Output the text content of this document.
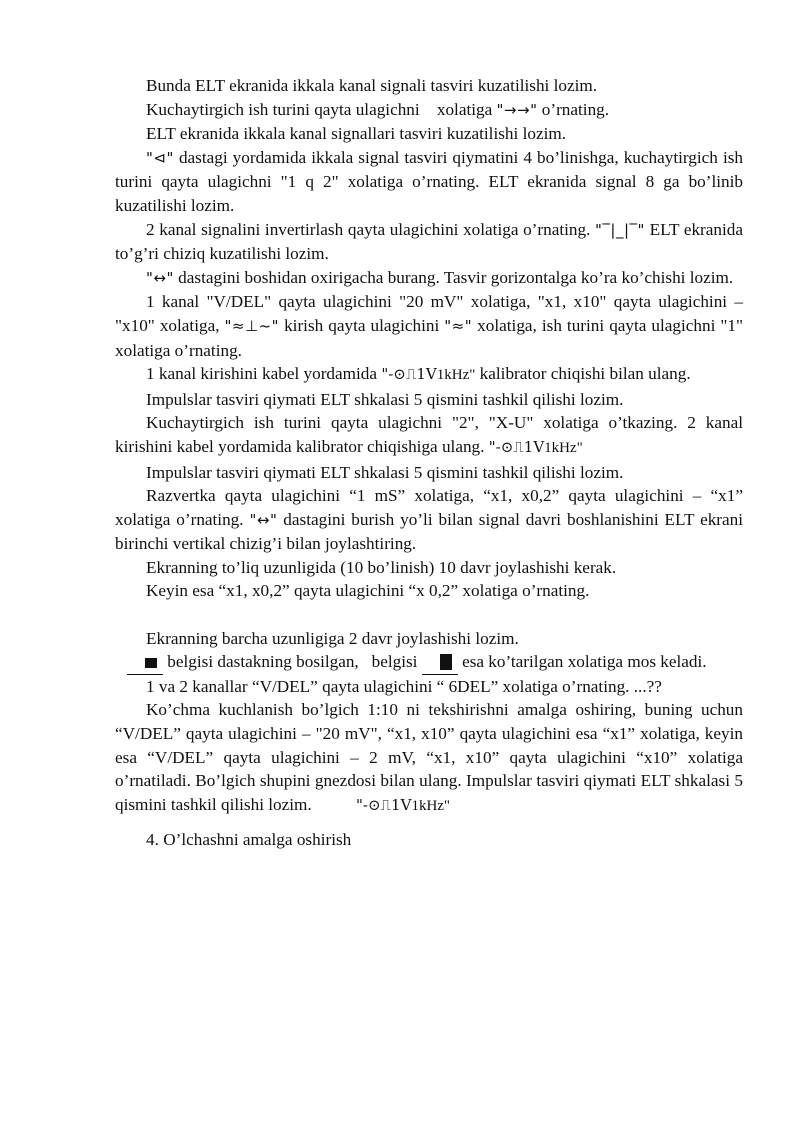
Bunda ELT ekranida ikkala kanal signali tasviri kuzatilishi lozim.

Kuchaytirgich ish turini qayta ulagichni xolatiga "→→" o’rnating.

ELT ekranida ikkala kanal signallari tasviri kuzatilishi lozim.

"⊲" dastagi yordamida ikkala signal tasviri qiymatini 4 bo’linishga, kuchaytirgich ish turini qayta ulagichni "1 q 2" xolatiga o’rnating. ELT ekranida signal 8 ga bo’linib kuzatilishi lozim.

2 kanal signalini invertirlash qayta ulagichini xolatiga o’rnating. "‾|_|‾" ELT ekranida to’g’ri chiziq kuzatilishi lozim.

"↔" dastagini boshidan oxirigacha burang. Tasvir gorizontalga ko’ra ko’chishi lozim.

1 kanal "V/DEL" qayta ulagichini "20 mV" xolatiga, "x1, x10" qayta ulagichini – "x10" xolatiga, "≈⊥~" kirish qayta ulagichini "≈" xolatiga, ish turini qayta ulagichni "1" xolatiga o’rnating.

1 kanal kirishini kabel yordamida "-⊙⎍1V1kHz" kalibrator chiqishi bilan ulang.

Impulslar tasviri qiymati ELT shkalasi 5 qismini tashkil qilishi lozim.

Kuchaytirgich ish turini qayta ulagichni "2", "X-U" xolatiga o’tkazing. 2 kanal kirishini kabel yordamida kalibrator chiqishiga ulang. "-⊙⎍1V1kHz"

Impulslar tasviri qiymati ELT shkalasi 5 qismini tashkil qilishi lozim.

Razvertka qayta ulagichini “1 mS” xolatiga, “x1, x0,2” qayta ulagichini – “x1” xolatiga o’rnating. "↔" dastagini burish yo’li bilan signal davri boshlanishini ELT ekrani birinchi vertikal chizig’i bilan joylashtiring.

Ekranning to’liq uzunligida (10 bo’linish) 10 davr joylashishi kerak.

Keyin esa “x1, x0,2” qayta ulagichini “x 0,2” xolatiga o’rnating.

Ekranning barcha uzunligiga 2 davr joylashishi lozim.

belgisi dastakning bosilgan, belgisi	esa ko’tarilgan xolatiga mos keladi.

1 va 2 kanallar “V/DEL” qayta ulagichini “ 6DEL” xolatiga o’rnating. ...??

Ko’chma kuchlanish bo’lgich 1:10 ni tekshirishni amalga oshiring, buning uchun “V/DEL” qayta ulagichini – "20 mV", “x1, x10” qayta ulagichini esa “x1” xolatiga, keyin esa “V/DEL” qayta ulagichini – 2 mV, “x1, x10” qayta ulagichini “x10” xolatiga o’rnatiladi. Bo’lgich shupini gnezdosi bilan ulang. Impulslar tasviri qiymati ELT shkalasi 5 qismini tashkil qilishi lozim.	"-⊙⎍1V1kHz"

4. O’lchashni amalga oshirish
